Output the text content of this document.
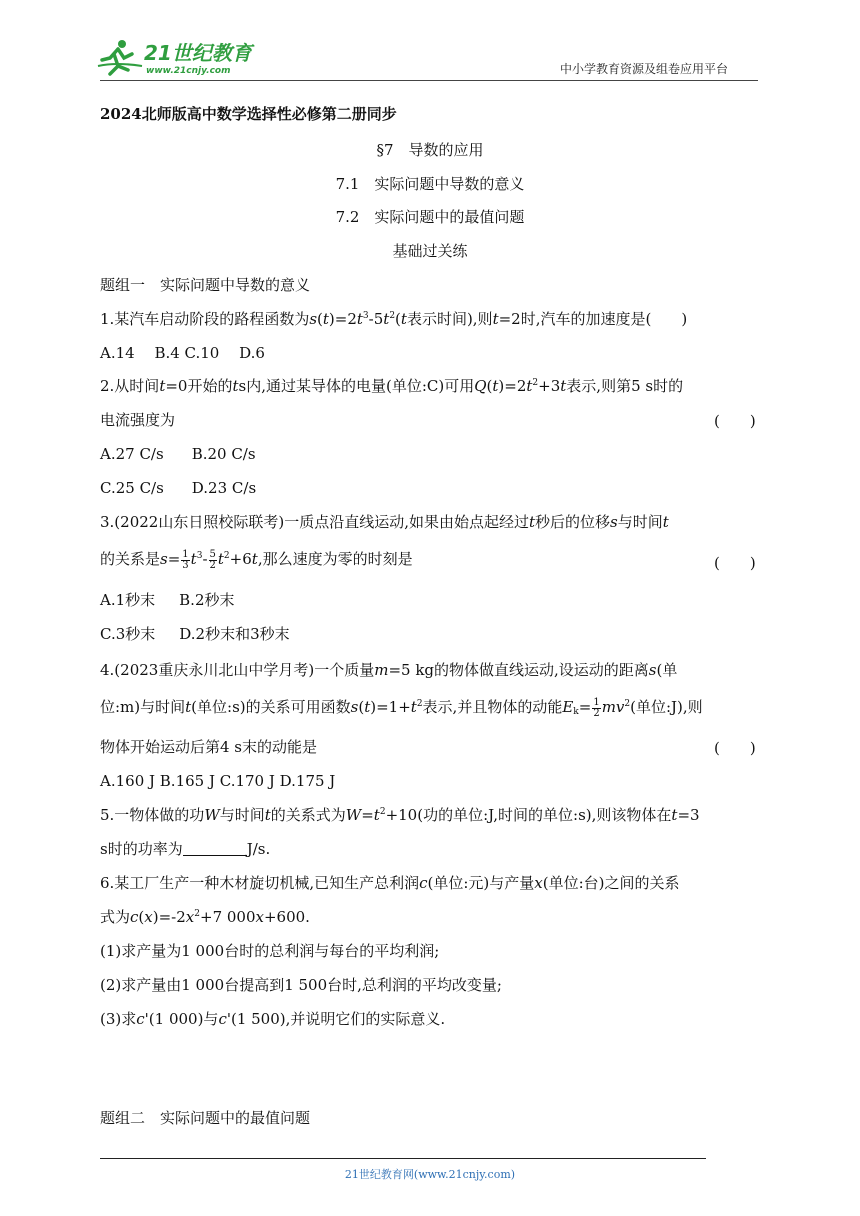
21世纪教育
www.21cnjy.com	中小学教育资源及组卷应用平台
2024北师版高中数学选择性必修第二册同步
§7　导数的应用
7.1　实际问题中导数的意义
7.2　实际问题中的最值问题
基础过关练
题组一　实际问题中导数的意义
1.某汽车启动阶段的路程函数为$s(t)=2t^3-5t^2(t$表示时间),则t=2时,汽车的加速度是(　　)
A.14　 B.4 C.10　 D.6
2.从时间t=0开始的ts内,通过某导体的电量(单位:C)可用$Q(t)=2t^2+3t$表示,则第5 s时的
电流强度为	(　　)
A.27 C/s B.20 C/s
C.25 C/s D.23 C/s
3.(2022山东日照校际联考)一质点沿直线运动,如果由始点起经过t秒后的位移s与时间t
的关系是$s= \frac{1}{3} t^3- \frac{5}{2} t^2+6t$,那么速度为零的时刻是	(　　)
A.1秒末 B.2秒末
C.3秒末 D.2秒末和3秒末
4.(2023重庆永川北山中学月考)一个质量m=5 kg的物体做直线运动,设运动的距离s(单
位:m)与时间t(单位:s)的关系可用函数$s(t)=1+t^2$表示,并且物体的动能$E_k= \frac{1}{2} mv^2$(单位:J),则
物体开始运动后第4 s末的动能是	(　　)
A.160 J B.165 J C.170 J D.175 J
5.一物体做的功W与时间t的关系式为$W=t^2+10$(功的单位:J,时间的单位:s),则该物体在t=3
s时的功率为	J/s.
6.某工厂生产一种木材旋切机械,已知生产总利润c(单位:元)与产量x(单位:台)之间的关系
式为$c(x)=-2x^2+7$ 000x+600.
(1)求产量为1 000台时的总利润与每台的平均利润;
(2)求产量由1 000台提高到1 500台时,总利润的平均改变量;
(3)求c'(1 000)与c'(1 500),并说明它们的实际意义.
题组二　实际问题中的最值问题
21世纪教育网(www.21cnjy.com)
